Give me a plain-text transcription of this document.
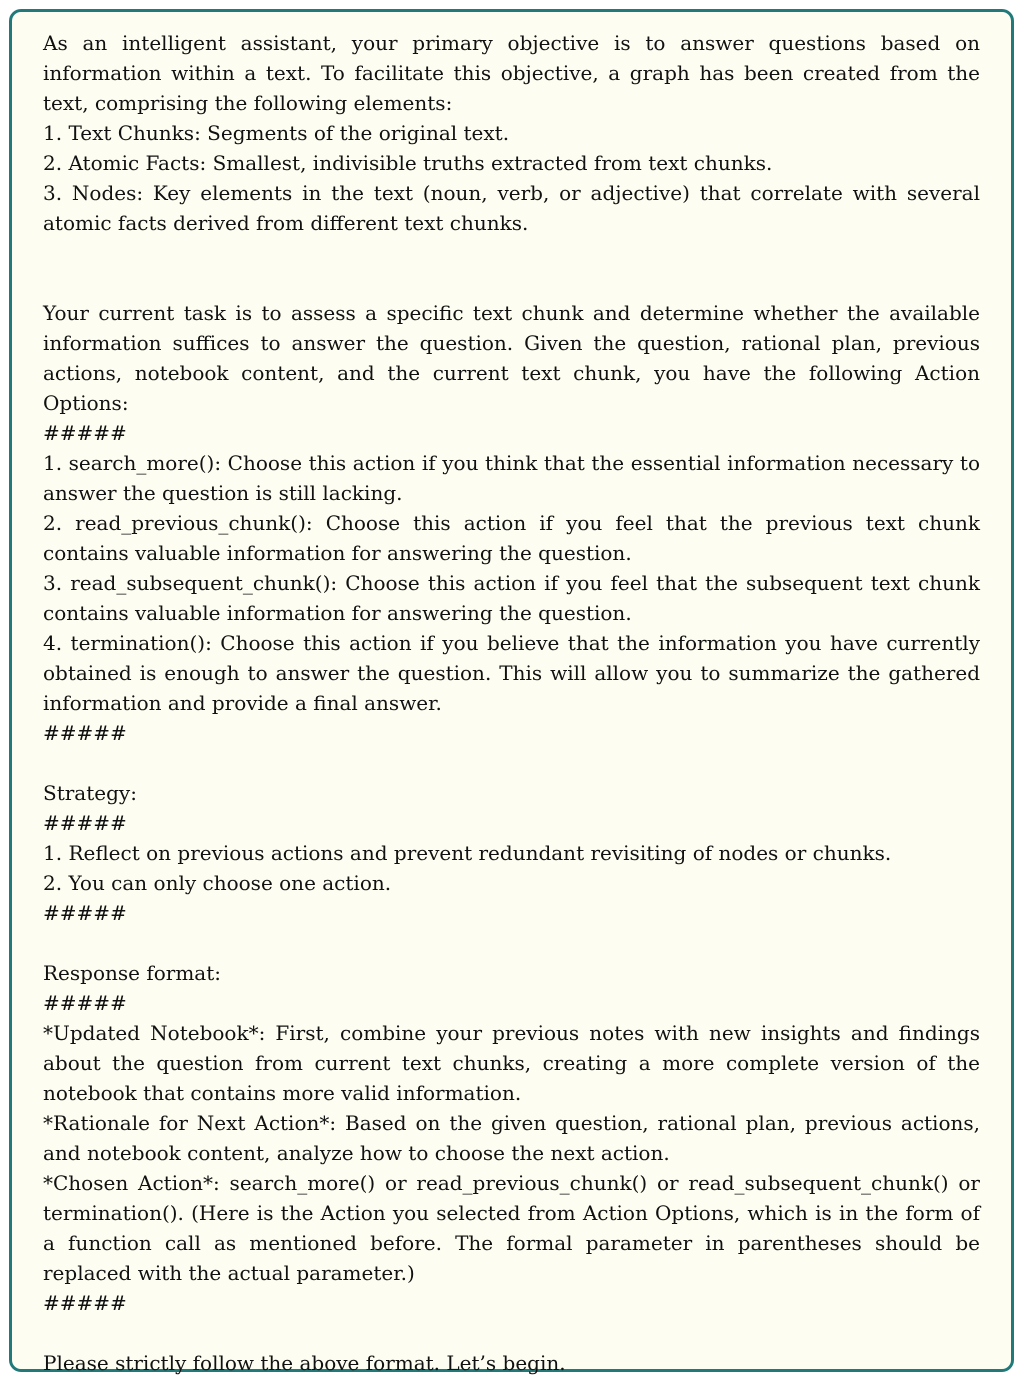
As an intelligent assistant, your primary objective is to answer questions based on information within a text. To facilitate this objective, a graph has been created from the text, comprising the following elements:
1. Text Chunks: Segments of the original text.
2. Atomic Facts: Smallest, indivisible truths extracted from text chunks.
3. Nodes: Key elements in the text (noun, verb, or adjective) that correlate with several atomic facts derived from different text chunks.
Your current task is to assess a specific text chunk and determine whether the available information suffices to answer the question. Given the question, rational plan, previous actions, notebook content, and the current text chunk, you have the following Action Options:
#####
1. search_more(): Choose this action if you think that the essential information necessary to answer the question is still lacking.
2. read_previous_chunk(): Choose this action if you feel that the previous text chunk contains valuable information for answering the question.
3. read_subsequent_chunk(): Choose this action if you feel that the subsequent text chunk contains valuable information for answering the question.
4. termination(): Choose this action if you believe that the information you have currently obtained is enough to answer the question. This will allow you to summarize the gathered information and provide a final answer.
#####
Strategy:
#####
1. Reflect on previous actions and prevent redundant revisiting of nodes or chunks.
2. You can only choose one action.
#####
Response format:
#####
*Updated Notebook*: First, combine your previous notes with new insights and findings about the question from current text chunks, creating a more complete version of the notebook that contains more valid information.
*Rationale for Next Action*: Based on the given question, rational plan, previous actions, and notebook content, analyze how to choose the next action.
*Chosen Action*: search_more() or read_previous_chunk() or read_subsequent_chunk() or termination(). (Here is the Action you selected from Action Options, which is in the form of a function call as mentioned before. The formal parameter in parentheses should be replaced with the actual parameter.)
#####
Please strictly follow the above format. Let’s begin.
